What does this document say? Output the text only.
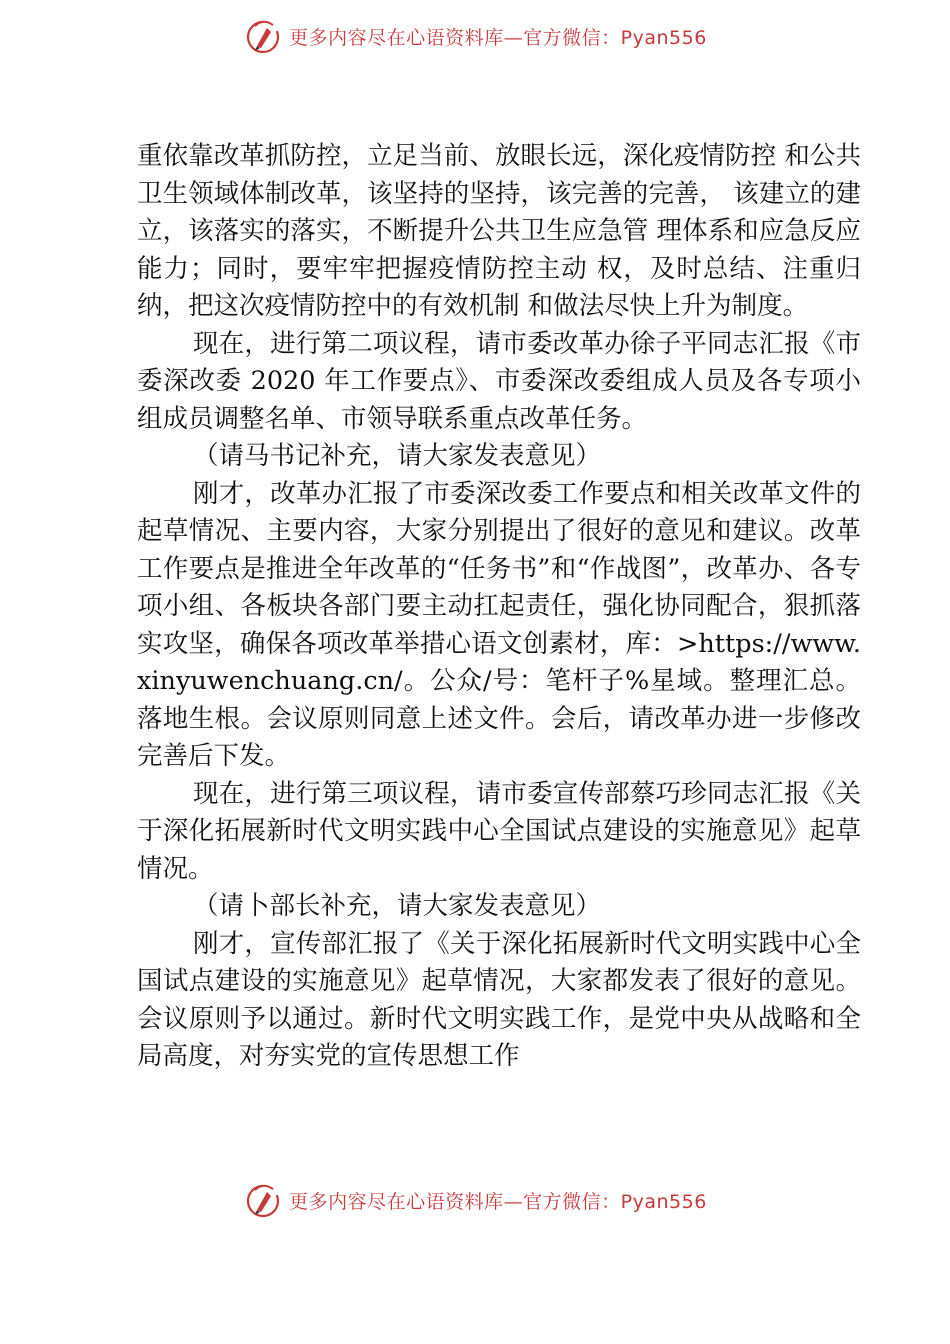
更多内容尽在心语资料库—官方微信：Pyan556

重依靠改革抓防控，立足当前、放眼长远，深化疫情防控 和公共卫生领域体制改革，该坚持的坚持，该完善的完善， 该建立的建立，该落实的落实，不断提升公共卫生应急管 理体系和应急反应能力；同时，要牢牢把握疫情防控主动 权，及时总结、注重归纳，把这次疫情防控中的有效机制 和做法尽快上升为制度。

现在，进行第二项议程，请市委改革办徐子平同志汇报《市委深改委 2020 年工作要点》、市委深改委组成人员及各专项小组成员调整名单、市领导联系重点改革任务。

（请马书记补充，请大家发表意见）

刚才，改革办汇报了市委深改委工作要点和相关改革文件的起草情况、主要内容，大家分别提出了很好的意见和建议。改革工作要点是推进全年改革的“任务书”和“作战图”，改革办、各专项小组、各板块各部门要主动扛起责任，强化协同配合，狠抓落实攻坚，确保各项改革举措心语文创素材，库：>https://www.xinyuwenchuang.cn/。公众/号：笔杆子%星域。整理汇总。落地生根。会议原则同意上述文件。会后，请改革办进一步修改完善后下发。

现在，进行第三项议程，请市委宣传部蔡巧珍同志汇报《关于深化拓展新时代文明实践中心全国试点建设的实施意见》起草情况。

（请卜部长补充，请大家发表意见）

刚才，宣传部汇报了《关于深化拓展新时代文明实践中心全国试点建设的实施意见》起草情况，大家都发表了很好的意见。会议原则予以通过。新时代文明实践工作，是党中央从战略和全局高度，对夯实党的宣传思想工作

更多内容尽在心语资料库—官方微信：Pyan556
